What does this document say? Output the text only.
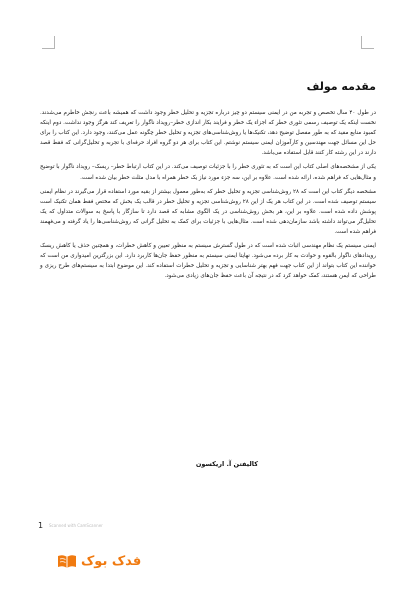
مقدمه مولف

در طول ۴۰ سال تخصص و تجربه من در ایمنی سیستم دو چیز درباره تجزیه و تحلیل خطر وجود داشت که همیشه باعث رنجش خاطرم می‌شدند. نخست اینکه یک توصیف رسمی تئوری خطر که اجزاء یک خطر و فرایند بکار اندازی خطر–رویداد ناگوار را تعریف کند هرگز وجود نداشت. دوم اینکه کمبود منابع مفید که به طور مفصل توضیح دهد، تکنیک‌ها یا روش‌شناسی‌های تجزیه و تحلیل خطر چگونه عمل می‌کنند، وجود دارد. این کتاب را برای حل این مسائل جهت مهندسین و کارآموزان ایمنی سیستم نوشتم. این کتاب برای هر دو گروه افراد حرفه‌ای با تجربه و تحلیل‌گرانی که فقط قصد دارند در این رشته کار کنند قابل استفاده می‌باشد.

یکی از مشخصه‌های اصلی کتاب این است که به تئوری خطر را با جزئیات توصیف می‌کند. در این کتاب ارتباط خطر– ریسک– رویداد ناگوار با توضیح و مثال‌هایی که فراهم شده، ارائه شده است. علاوه بر این، سه جزء مورد نیاز یک خطر همراه با مدل مثلث خطر بیان شده است.

مشخصه دیگر کتاب این است که ۲۸ روش‌شناسی تجزیه و تحلیل خطر که به‌طور معمول بیشتر از بقیه مورد استفاده قرار می‌گیرند در نظام ایمنی سیستم توصیف شده است. در این کتاب هر یک از این ۲۸ روش‌شناسی تجزیه و تحلیل خطر در قالب یک بخش که مختص فقط همان تکنیک است پوشش داده شده است. علاوه بر این، هر بخش روش‌شناسی در یک الگوی مشابه که قصد دارد تا سازگار با پاسخ به سوالات متداول که یک تحلیل‌گر می‌تواند داشته باشد سازمان‌دهی شده است. مثال‌هایی با جزئیات برای کمک به تحلیل گرانی که روش‌شناسی‌ها را یاد گرفته و می‌فهمند فراهم شده است.

ایمنی سیستم یک نظام مهندسی اثبات شده است که در طول گسترش سیستم به منظور تعیین و کاهش خطرات، و همچنین حذف یا کاهش ریسک رویدادهای ناگوار بالقوه و حوادث به کار برده می‌شود. نهایتا ایمنی سیستم به منظور حفظ جان‌ها کاربرد دارد. این بزرگترین امیدواری من است که خواننده این کتاب بتواند از این کتاب جهت فهم بهتر شناسایی و تجزیه و تحلیل خطرات استفاده کند. این موضوع ابتدا به سیستم‌های طرح ریزی و طراحی که ایمن هستند، کمک خواهد کرد که در نتیجه آن باعث حفظ جان‌های زیادی می‌شود.

کالیفتن آ. اریکسون
1 Scanned with CamScanner
فدک بوک
